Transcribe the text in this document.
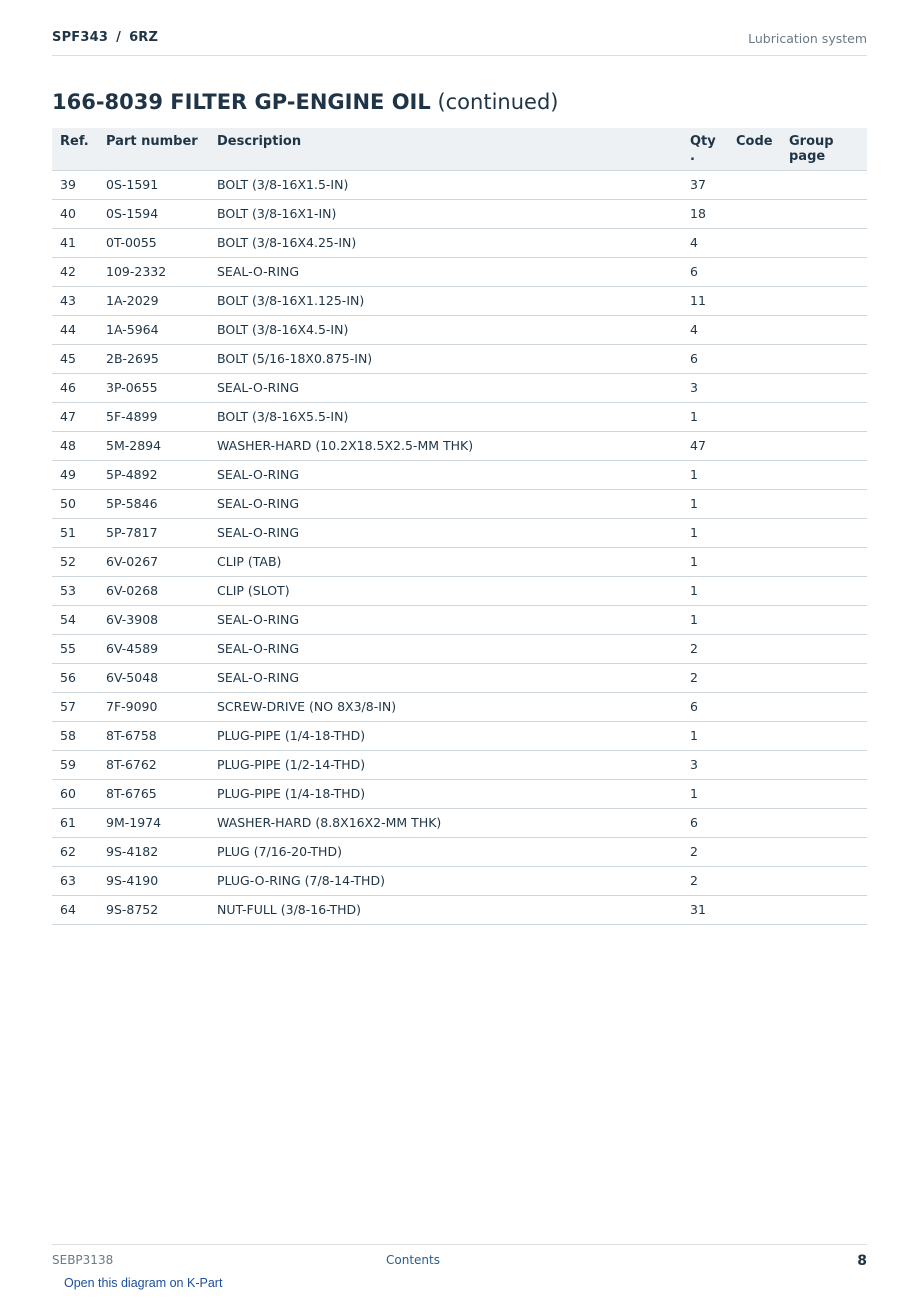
SPF343 / 6RZ	Lubrication system
166-8039 FILTER GP-ENGINE OIL (continued)
Ref.	Part number	Description	Qty .	Code	Group page
39	0S-1591	BOLT (3/8-16X1.5-IN)	37		
40	0S-1594	BOLT (3/8-16X1-IN)	18		
41	0T-0055	BOLT (3/8-16X4.25-IN)	4		
42	109-2332	SEAL-O-RING	6		
43	1A-2029	BOLT (3/8-16X1.125-IN)	11		
44	1A-5964	BOLT (3/8-16X4.5-IN)	4		
45	2B-2695	BOLT (5/16-18X0.875-IN)	6		
46	3P-0655	SEAL-O-RING	3		
47	5F-4899	BOLT (3/8-16X5.5-IN)	1		
48	5M-2894	WASHER-HARD (10.2X18.5X2.5-MM THK)	47		
49	5P-4892	SEAL-O-RING	1		
50	5P-5846	SEAL-O-RING	1		
51	5P-7817	SEAL-O-RING	1		
52	6V-0267	CLIP (TAB)	1		
53	6V-0268	CLIP (SLOT)	1		
54	6V-3908	SEAL-O-RING	1		
55	6V-4589	SEAL-O-RING	2		
56	6V-5048	SEAL-O-RING	2		
57	7F-9090	SCREW-DRIVE (NO 8X3/8-IN)	6		
58	8T-6758	PLUG-PIPE (1/4-18-THD)	1		
59	8T-6762	PLUG-PIPE (1/2-14-THD)	3		
60	8T-6765	PLUG-PIPE (1/4-18-THD)	1		
61	9M-1974	WASHER-HARD (8.8X16X2-MM THK)	6		
62	9S-4182	PLUG (7/16-20-THD)	2		
63	9S-4190	PLUG-O-RING (7/8-14-THD)	2		
64	9S-8752	NUT-FULL (3/8-16-THD)	31		
SEBP3138	Contents	8
Open this diagram on K-Part
